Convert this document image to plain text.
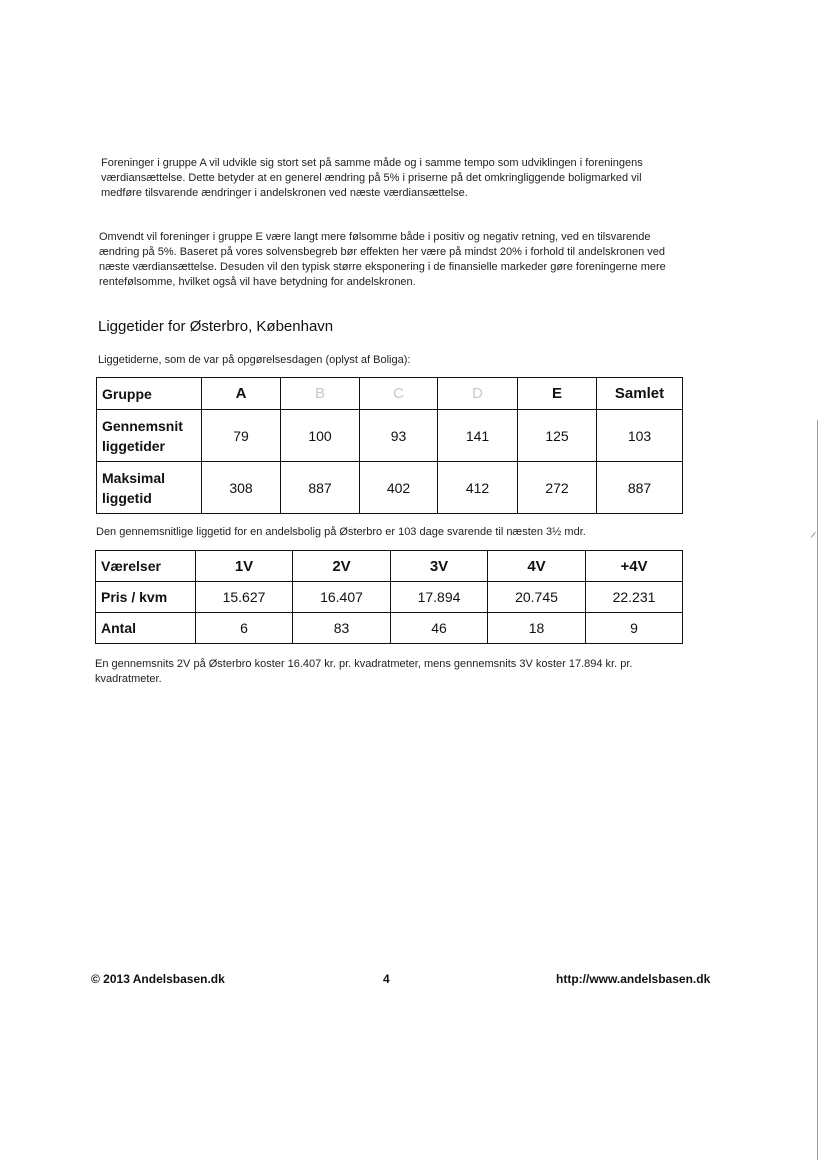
Foreninger i gruppe A vil udvikle sig stort set på samme måde og i samme tempo som udviklingen i foreningens værdiansættelse. Dette betyder at en generel ændring på 5% i priserne på det omkringliggende boligmarked vil medføre tilsvarende ændringer i andelskronen ved næste værdiansættelse.
Omvendt vil foreninger i gruppe E være langt mere følsomme både i positiv og negativ retning, ved en tilsvarende ændring på 5%. Baseret på vores solvensbegreb bør effekten her være på mindst 20% i forhold til andelskronen ved næste værdiansættelse. Desuden vil den typisk større eksponering i de finansielle markeder gøre foreningerne mere rentefølsomme, hvilket også vil have betydning for andelskronen.
Liggetider for Østerbro, København
Liggetiderne, som de var på opgørelsesdagen (oplyst af Boliga):
Gruppe	A	B	C	D	E	Samlet
Gennemsnit liggetider	79	100	93	141	125	103
Maksimal liggetid	308	887	402	412	272	887
Den gennemsnitlige liggetid for en andelsbolig på Østerbro er 103 dage svarende til næsten 3½ mdr.
Værelser	1V	2V	3V	4V	+4V
Pris / kvm	15.627	16.407	17.894	20.745	22.231
Antal	6	83	46	18	9
En gennemsnits 2V på Østerbro koster 16.407 kr. pr. kvadratmeter, mens gennemsnits 3V koster 17.894 kr. pr. kvadratmeter.
© 2013 Andelsbasen.dk	4	http://www.andelsbasen.dk
